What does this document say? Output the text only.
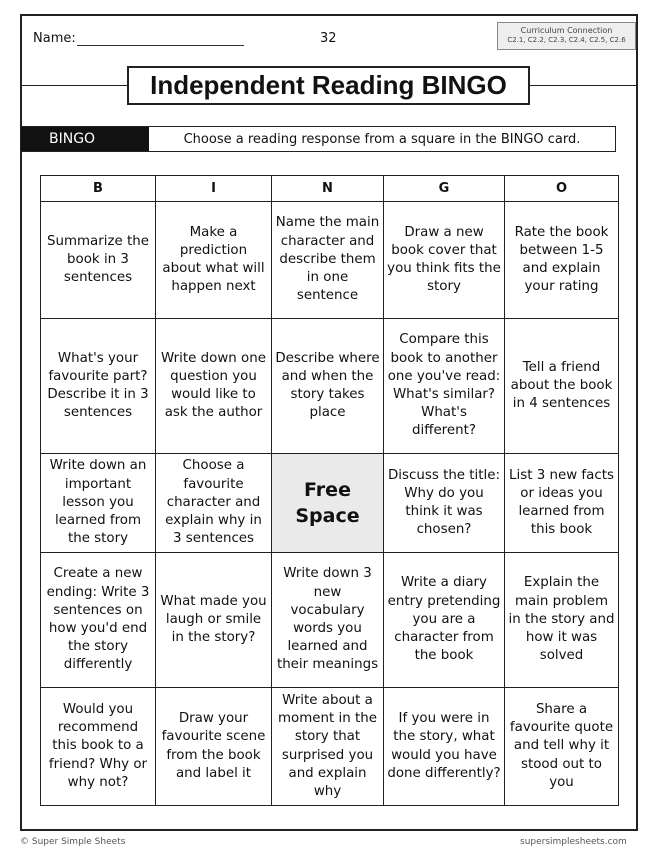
Name:	32
Curriculum Connection
C2.1, C2.2, C2.3, C2.4, C2.5, C2.6
Independent Reading BINGO
BINGO	Choose a reading response from a square in the BINGO card.
B	I	N	G	O
Summarize the book in 3 sentences	Make a prediction about what will happen next	Name the main character and describe them in one sentence	Draw a new book cover that you think fits the story	Rate the book between 1-5 and explain your rating
What's your favourite part? Describe it in 3 sentences	Write down one question you would like to ask the author	Describe where and when the story takes place	Compare this book to another one you've read: What's similar? What's different?	Tell a friend about the book in 4 sentences
Write down an important lesson you learned from the story	Choose a favourite character and explain why in 3 sentences	Free Space	Discuss the title: Why do you think it was chosen?	List 3 new facts or ideas you learned from this book
Create a new ending: Write 3 sentences on how you'd end the story differently	What made you laugh or smile in the story?	Write down 3 new vocabulary words you learned and their meanings	Write a diary entry pretending you are a character from the book	Explain the main problem in the story and how it was solved
Would you recommend this book to a friend? Why or why not?	Draw your favourite scene from the book and label it	Write about a moment in the story that surprised you and explain why	If you were in the story, what would you have done differently?	Share a favourite quote and tell why it stood out to you
© Super Simple Sheets	supersimplesheets.com
